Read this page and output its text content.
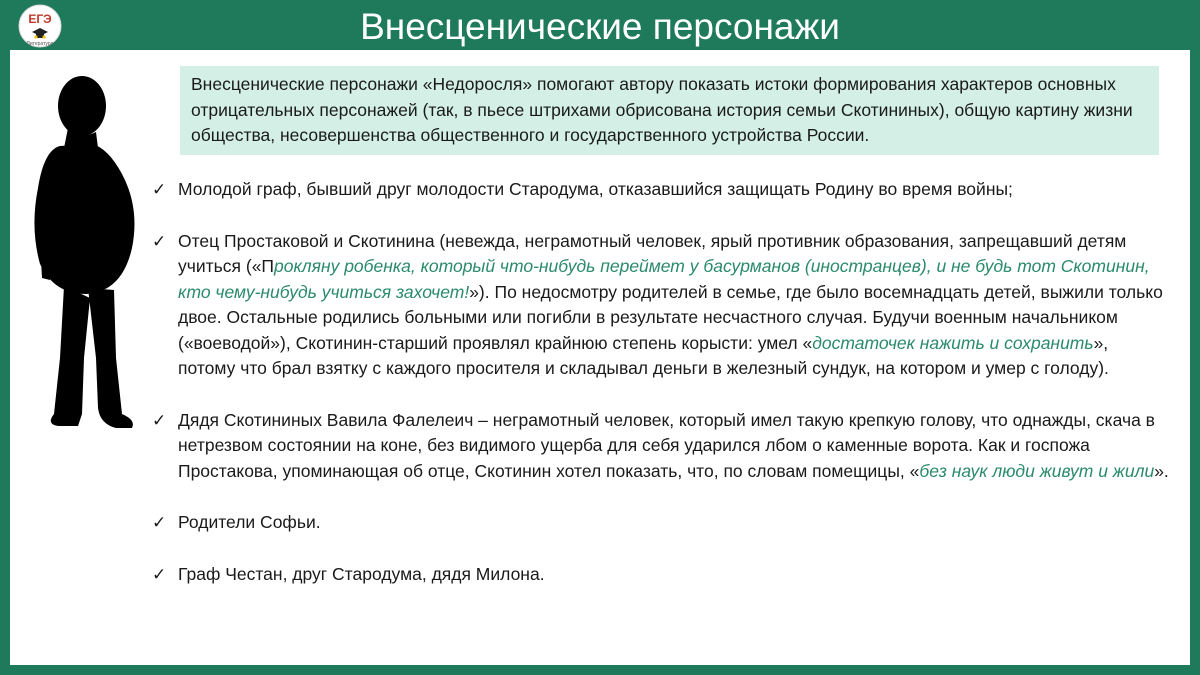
ЕГЭ
Литература	Внесценические персонажи
Внесценические персонажи «Недоросля» помогают автору показать истоки формирования характеров основных отрицательных персонажей (так, в пьесе штрихами обрисована история семьи Скотининых), общую картину жизни общества, несовершенства общественного и государственного устройства России.
✓ Молодой граф, бывший друг молодости Стародума, отказавшийся защищать Родину во время войны;
✓ Отец Простаковой и Скотинина (невежда, неграмотный человек, ярый противник образования, запрещавший детям учиться («Прокляну робенка, который что-нибудь переймет у басурманов (иностранцев), и не будь тот Скотинин, кто чему-нибудь учиться захочет!»). По недосмотру родителей в семье, где было восемнадцать детей, выжили только двое. Остальные родились больными или погибли в результате несчастного случая. Будучи военным начальником («воеводой»), Скотинин-старший проявлял крайнюю степень корысти: умел «достаточек нажить и сохранить», потому что брал взятку с каждого просителя и складывал деньги в железный сундук, на котором и умер с голоду).
✓ Дядя Скотининых Вавила Фалелеич – неграмотный человек, который имел такую крепкую голову, что однажды, скача в нетрезвом состоянии на коне, без видимого ущерба для себя ударился лбом о каменные ворота. Как и госпожа Простакова, упоминающая об отце, Скотинин хотел показать, что, по словам помещицы, «без наук люди живут и жили».
✓ Родители Софьи.
✓ Граф Честан, друг Стародума, дядя Милона.
